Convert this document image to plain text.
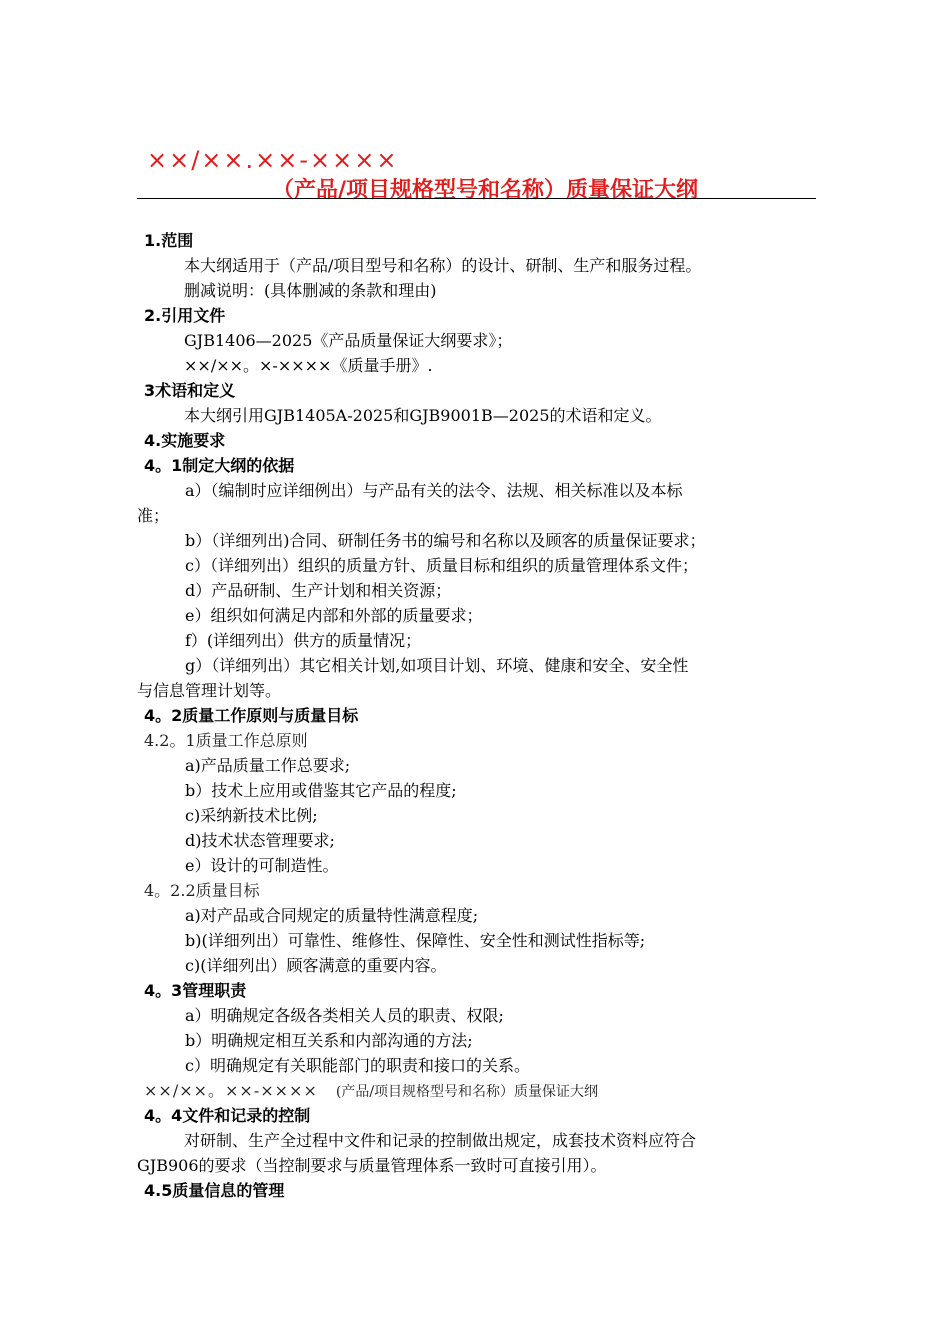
××/××.××-××××
（产品/项目规格型号和名称）质量保证大纲
1.范围
本大纲适用于（产品/项目型号和名称）的设计、研制、生产和服务过程。
删减说明：(具体删减的条款和理由)
2.引用文件
GJB1406—2025《产品质量保证大纲要求》；
××/××。×-××××《质量手册》.
3术语和定义
本大纲引用GJB1405A-2025和GJB9001B—2025的术语和定义。
4.实施要求
4。1制定大纲的依据
a）（编制时应详细例出）与产品有关的法令、法规、相关标准以及本标
准；
b）（详细列出)合同、研制任务书的编号和名称以及顾客的质量保证要求；
c）（详细列出）组织的质量方针、质量目标和组织的质量管理体系文件；
d）产品研制、生产计划和相关资源；
e）组织如何满足内部和外部的质量要求；
f）(详细列出）供方的质量情况；
g）（详细列出）其它相关计划,如项目计划、环境、健康和安全、安全性
与信息管理计划等。
4。2质量工作原则与质量目标
4.2。1质量工作总原则
a)产品质量工作总要求;
b）技术上应用或借鉴其它产品的程度;
c)采纳新技术比例;
d)技术状态管理要求;
e）设计的可制造性。
4。2.2质量目标
a)对产品或合同规定的质量特性满意程度;
b)(详细列出）可靠性、维修性、保障性、安全性和测试性指标等;
c)(详细列出）顾客满意的重要内容。
4。3管理职责
a）明确规定各级各类相关人员的职责、权限;
b）明确规定相互关系和内部沟通的方法;
c）明确规定有关职能部门的职责和接口的关系。
××/××。××-×××× (产品/项目规格型号和名称）质量保证大纲
4。4文件和记录的控制
对研制、生产全过程中文件和记录的控制做出规定，成套技术资料应符合
GJB906的要求（当控制要求与质量管理体系一致时可直接引用）。
4.5质量信息的管理
